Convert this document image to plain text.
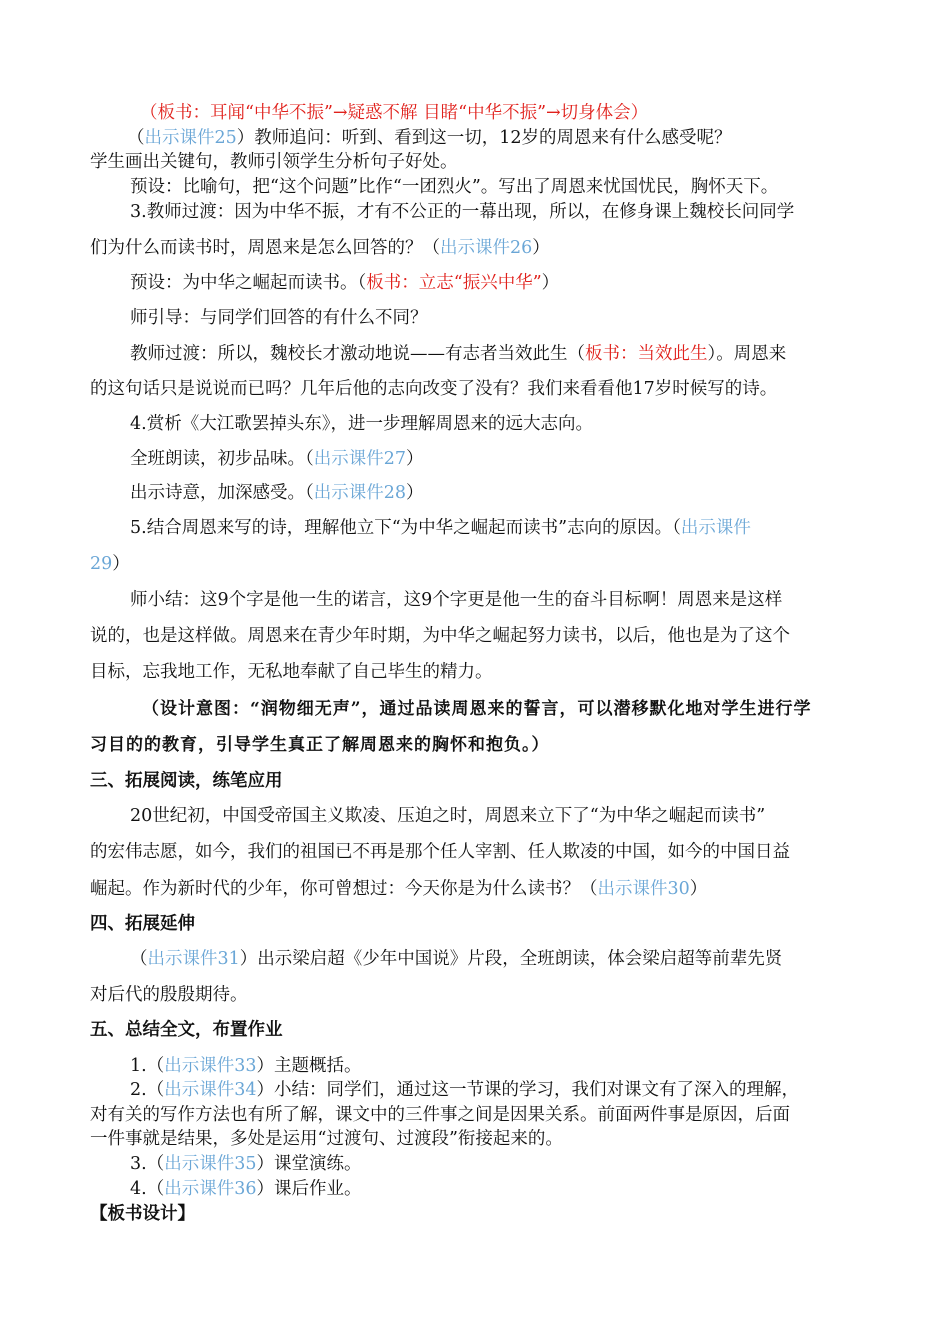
（板书：耳闻“中华不振”→疑惑不解 目睹“中华不振”→切身体会）
（出示课件25）教师追问：听到、看到这一切，12岁的周恩来有什么感受呢？
学生画出关键句，教师引领学生分析句子好处。
预设：比喻句，把“这个问题”比作“一团烈火”。写出了周恩来忧国忧民，胸怀天下。
3.教师过渡：因为中华不振，才有不公正的一幕出现，所以，在修身课上魏校长问同学
们为什么而读书时，周恩来是怎么回答的？（出示课件26）
预设：为中华之崛起而读书。（板书：立志“振兴中华”）
师引导：与同学们回答的有什么不同？
教师过渡：所以，魏校长才激动地说——有志者当效此生（板书：当效此生）。周恩来
的这句话只是说说而已吗？几年后他的志向改变了没有？我们来看看他17岁时候写的诗。
4.赏析《大江歌罢掉头东》，进一步理解周恩来的远大志向。
全班朗读，初步品味。（出示课件27）
出示诗意，加深感受。（出示课件28）
5.结合周恩来写的诗，理解他立下“为中华之崛起而读书”志向的原因。（出示课件
29）
师小结：这9个字是他一生的诺言，这9个字更是他一生的奋斗目标啊！周恩来是这样
说的，也是这样做。周恩来在青少年时期，为中华之崛起努力读书，以后，他也是为了这个
目标，忘我地工作，无私地奉献了自己毕生的精力。
（设计意图：“润物细无声”，通过品读周恩来的誓言，可以潜移默化地对学生进行学
习目的的教育，引导学生真正了解周恩来的胸怀和抱负。）
三、拓展阅读，练笔应用
20世纪初，中国受帝国主义欺凌、压迫之时，周恩来立下了“为中华之崛起而读书”
的宏伟志愿，如今，我们的祖国已不再是那个任人宰割、任人欺凌的中国，如今的中国日益
崛起。作为新时代的少年，你可曾想过：今天你是为什么读书？（出示课件30）
四、拓展延伸
（出示课件31）出示梁启超《少年中国说》片段，全班朗读，体会梁启超等前辈先贤
对后代的殷殷期待。
五、总结全文，布置作业
1.（出示课件33）主题概括。
2.（出示课件34）小结：同学们，通过这一节课的学习，我们对课文有了深入的理解，
对有关的写作方法也有所了解，课文中的三件事之间是因果关系。前面两件事是原因，后面
一件事就是结果，多处是运用“过渡句、过渡段”衔接起来的。
3.（出示课件35）课堂演练。
4.（出示课件36）课后作业。
【板书设计】
